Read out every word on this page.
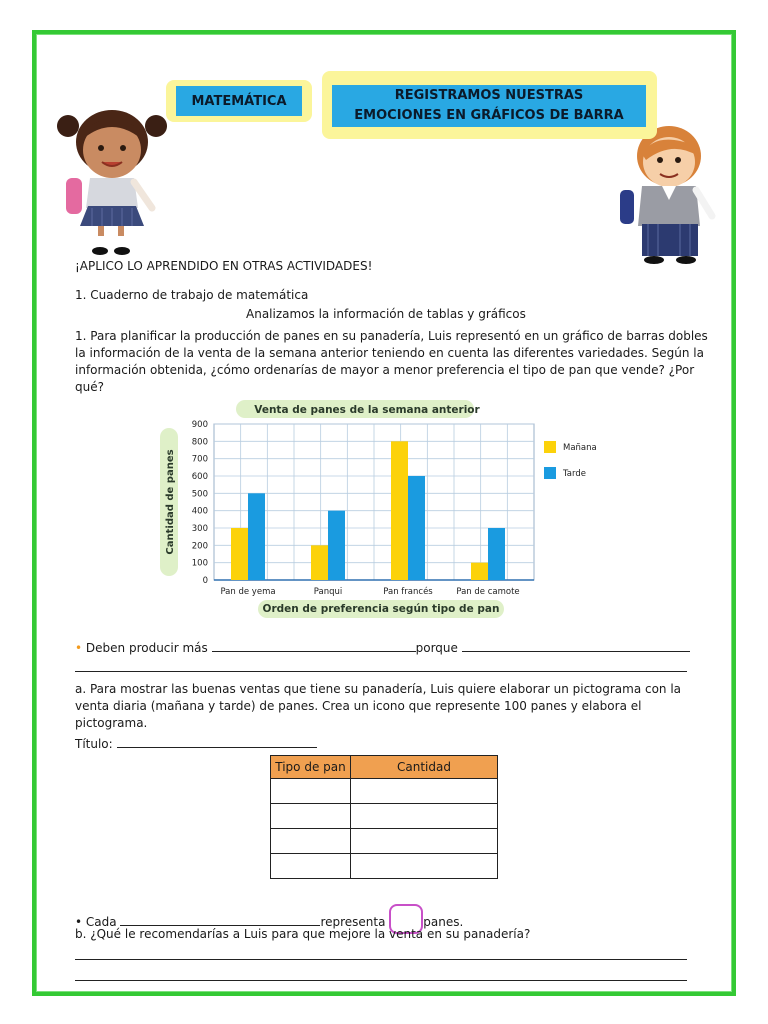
MATEMÁTICA	REGISTRAMOS NUESTRAS
EMOCIONES EN GRÁFICOS DE BARRA
¡APLICO LO APRENDIDO EN OTRAS ACTIVIDADES!
1. Cuaderno de trabajo de matemática
Analizamos la información de tablas y gráficos
1. Para planificar la producción de panes en su panadería, Luis representó en un gráfico de barras dobles
la información de la venta de la semana anterior teniendo en cuenta las diferentes variedades. Según la
información obtenida, ¿cómo ordenarías de mayor a menor preferencia el tipo de pan que vende? ¿Por
qué?
0
100
200
300
400
500
600
700
800
900
Pan de yema	Panqui	Pan francés	Pan de camote
Venta de panes de la semana anterior
Orden de preferencia según tipo de pan
Cantidad de panes
Mañana
Tarde
• Deben producir más	porque
a. Para mostrar las buenas ventas que tiene su panadería, Luis quiere elaborar un pictograma con la
venta diaria (mañana y tarde) de panes. Crea un icono que represente 100 panes y elabora el
pictograma.
Título:
Tipo de pan	Cantidad

• Cada	representa	panes.
b. ¿Qué le recomendarías a Luis para que mejore la venta en su panadería?
